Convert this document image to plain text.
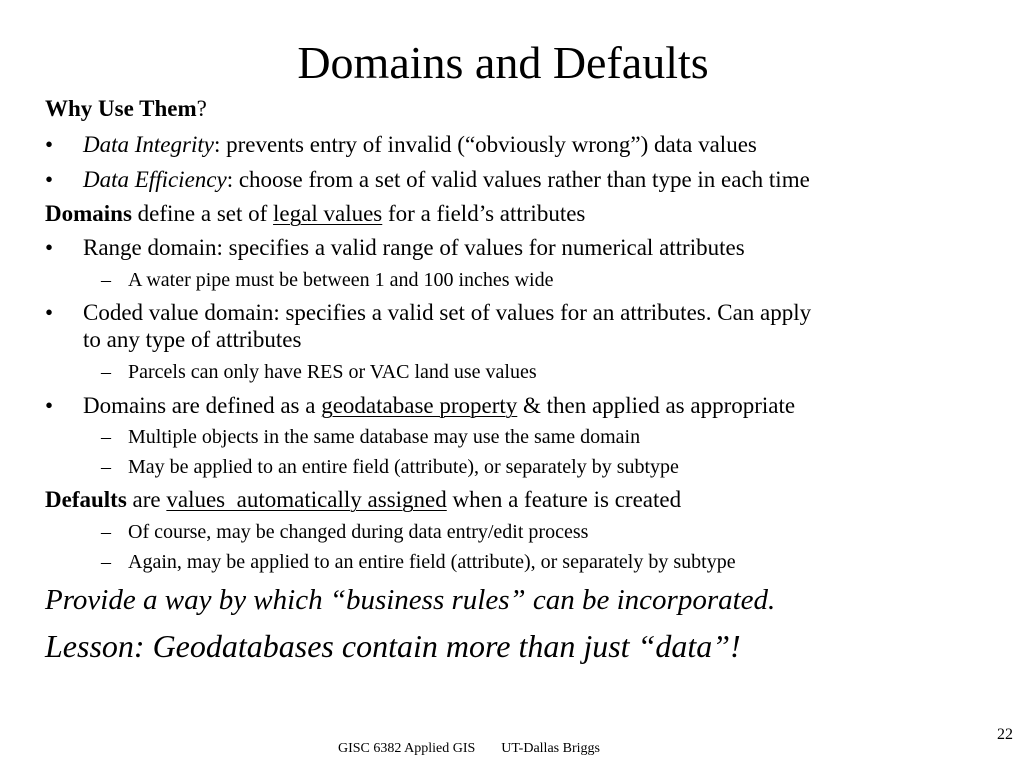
Domains and Defaults
Why Use Them?
• Data Integrity: prevents entry of invalid (“obviously wrong”) data values
• Data Efficiency: choose from a set of valid values rather than type in each time
Domains define a set of legal values for a field’s attributes
• Range domain: specifies a valid range of values for numerical attributes
– A water pipe must be between 1 and 100 inches wide
• Coded value domain: specifies a valid set of values for an attributes. Can apply
to any type of attributes
– Parcels can only have RES or VAC land use values
• Domains are defined as a geodatabase property & then applied as appropriate
– Multiple objects in the same database may use the same domain
– May be applied to an entire field (attribute), or separately by subtype
Defaults are values  automatically assigned when a feature is created
– Of course, may be changed during data entry/edit process
– Again, may be applied to an entire field (attribute), or separately by subtype
Provide a way by which “business rules” can be incorporated.
Lesson: Geodatabases contain more than just “data”!
22
GISC 6382 Applied GIS UT-Dallas Briggs
